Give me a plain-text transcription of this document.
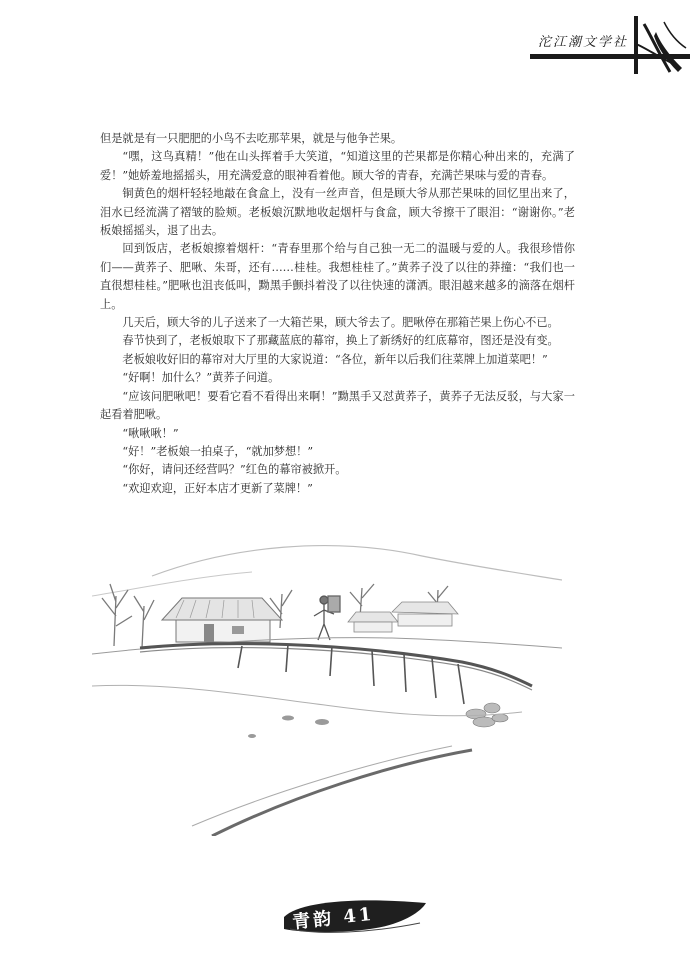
沱江潮文学社

但是就是有一只肥肥的小鸟不去吃那苹果，就是与他争芒果。

“嘿，这鸟真精！”他在山头挥着手大笑道，“知道这里的芒果都是你精心种出来的，充满了爱！”她娇羞地摇摇头，用充满爱意的眼神看着他。顾大爷的青春，充满芒果味与爱的青春。

铜黄色的烟杆轻轻地敲在食盒上，没有一丝声音，但是顾大爷从那芒果味的回忆里出来了，泪水已经流满了褶皱的脸颊。老板娘沉默地收起烟杆与食盒，顾大爷擦干了眼泪：“谢谢你。”老板娘摇摇头，退了出去。

回到饭店，老板娘擦着烟杆：“青春里那个给与自己独一无二的温暖与爱的人。我很珍惜你们——黄荞子、肥啾、朱哥，还有……桂桂。我想桂桂了。”黄荞子没了以往的莽撞：“我们也一直很想桂桂。”肥啾也沮丧低叫，黝黑手颤抖着没了以往快速的潇洒。眼泪越来越多的滴落在烟杆上。

几天后，顾大爷的儿子送来了一大箱芒果，顾大爷去了。肥啾停在那箱芒果上伤心不已。

春节快到了，老板娘取下了那藏蓝底的幕帘，换上了新绣好的红底幕帘，图还是没有变。

老板娘收好旧的幕帘对大厅里的大家说道：“各位，新年以后我们往菜牌上加道菜吧！”

“好啊！加什么？”黄荞子问道。

“应该问肥啾吧！要看它看不看得出来啊！”黝黑手又怼黄荞子，黄荞子无法反驳，与大家一起看着肥啾。

“啾啾啾！”

“好！”老板娘一拍桌子，“就加梦想！”

“你好，请问还经营吗？”红色的幕帘被掀开。

“欢迎欢迎，正好本店才更新了菜牌！”

青韵 41
